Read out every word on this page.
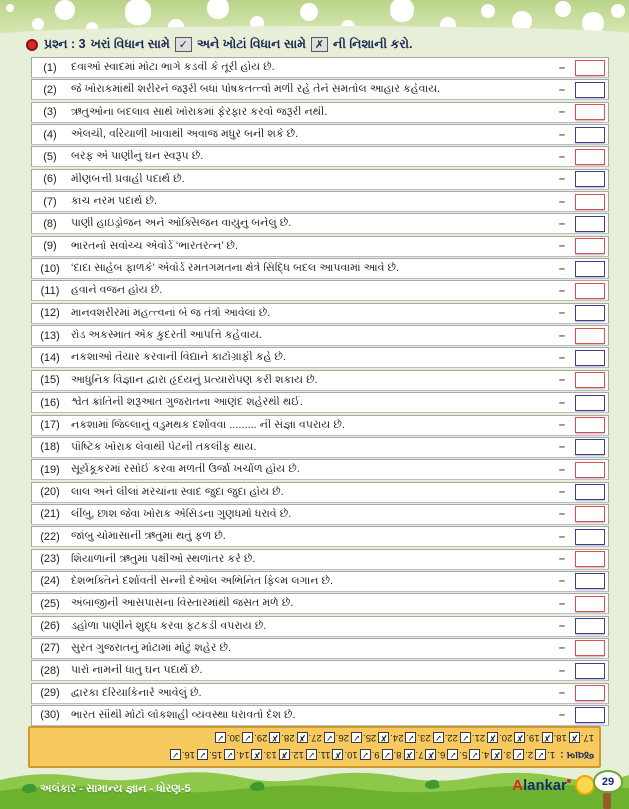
પ્રશ્ન : 3 ખરાં વિધાન સામે ✓ અને ખોટાં વિધાન સામે ✗ ની નિશાની કરો.
(1)	દવાઓ સ્વાદમાં મોટા ભાગે કડવી કે તૂરી હોય છે.	–
(2)	જે ખોરાકમાંથી શરીરને જરૂરી બધાં પોષકતત્ત્વો મળી રહે તેને સમતોલ આહાર કહેવાય.	–
(3)	ઋતુઓના બદલાવ સાથે ખોરાકમાં ફેરફાર કરવો જરૂરી નથી.	–
(4)	એલચી, વરિયાળી ખાવાથી અવાજ મધુર બની શકે છે.	–
(5)	બરફ એ પાણીનું ઘન સ્વરૂપ છે.	–
(6)	મીણબત્તી પ્રવાહી પદાર્થ છે.	–
(7)	કાચ નરમ પદાર્થ છે.	–
(8)	પાણી હાઇડ્રોજન અને ઓક્સિજન વાયુનું બનેલું છે.	–
(9)	ભારતનો સર્વોચ્ચ એવોર્ડ ‘ભારતરત્ન’ છે.	–
(10)	‘દાદા સાહેબ ફાળકે’ એવોર્ડ રમતગમતના ક્ષેત્રે સિદ્ધિ બદલ આપવામાં આવે છે.	–
(11)	હવાને વજન હોય છે.	–
(12)	માનવશરીરમાં મહત્ત્વનાં બે જ તંત્રો આવેલાં છે.	–
(13)	રોડ અકસ્માત એક કુદરતી આપત્તિ કહેવાય.	–
(14)	નકશાઓ તૈયાર કરવાની વિદ્યાને કાર્ટોગ્રાફી કહે છે.	–
(15)	આધુનિક વિજ્ઞાન દ્વારા હૃદયનું પ્રત્યારોપણ કરી શકાય છે.	–
(16)	શ્વેત ક્રાંતિની શરૂઆત ગુજરાતના આણંદ શહેરથી થઈ.	–
(17)	નકશામાં જિલ્લાનું વડુમથક દર્શાવવા ......... ની સંજ્ઞા વપરાય છે.	–
(18)	પૌષ્ટિક ખોરાક લેવાથી પેટની તકલીફ થાય.	–
(19)	સૂર્યકૂકરમાં રસોઈ કરવા મળતી ઉર્જા ખર્ચાળ હોય છે.	–
(20)	લાલ અને લીલાં મરચાંના સ્વાદ જુદા જુદા હોય છે.	–
(21)	લીંબુ, છાશ જેવા ખોરાક એસિડના ગુણધર્મો ધરાવે છે.	–
(22)	જાંબુ ચોમાસાની ઋતુમાં થતું ફળ છે.	–
(23)	શિયાળાની ઋતુમાં પક્ષીઓ સ્થળાંતર કરે છે.	–
(24)	દેશભક્તિને દર્શાવતી સન્ની દેઓલ અભિનિત ફિલ્મ લગાન છે.	–
(25)	અંબાજીની આસપાસના વિસ્તારમાંથી જસત મળે છે.	–
(26)	ડહોળા પાણીને શુદ્ધ કરવા ફટકડી વપરાય છે.	–
(27)	સુરત ગુજરાતનું મોટામાં મોટું શહેર છે.	–
(28)	પારો નામની ધાતુ ઘન પદાર્થ છે.	–
(29)	દ્વારકા દરિયાકિનારે આવેલું છે.	–
(30)	ભારત સૌથી મોટો લોકશાહી વ્યવસ્થા ધરાવતો દેશ છે.	–
જવાબ :
1.
✓
2.
✓
3.
✗
4.
✓
5.
✓
6.
✗
7.
✗
8.
✓
9.
✓
10.
✗
11.
✓
12.
✗
13.
✗
14.
✓
15.
✓
16.
✓
17.
✗
18.
✗
19.
✗
20.
✗
21.
✓
22.
✓
23.
✓
24.
✗
25.
✓
26.
✓
27.
✗
28.
✗
29.
✓
30.
✓
અલંકાર - સામાન્ય જ્ઞાન - ધોરણ-5	Alankar	29
